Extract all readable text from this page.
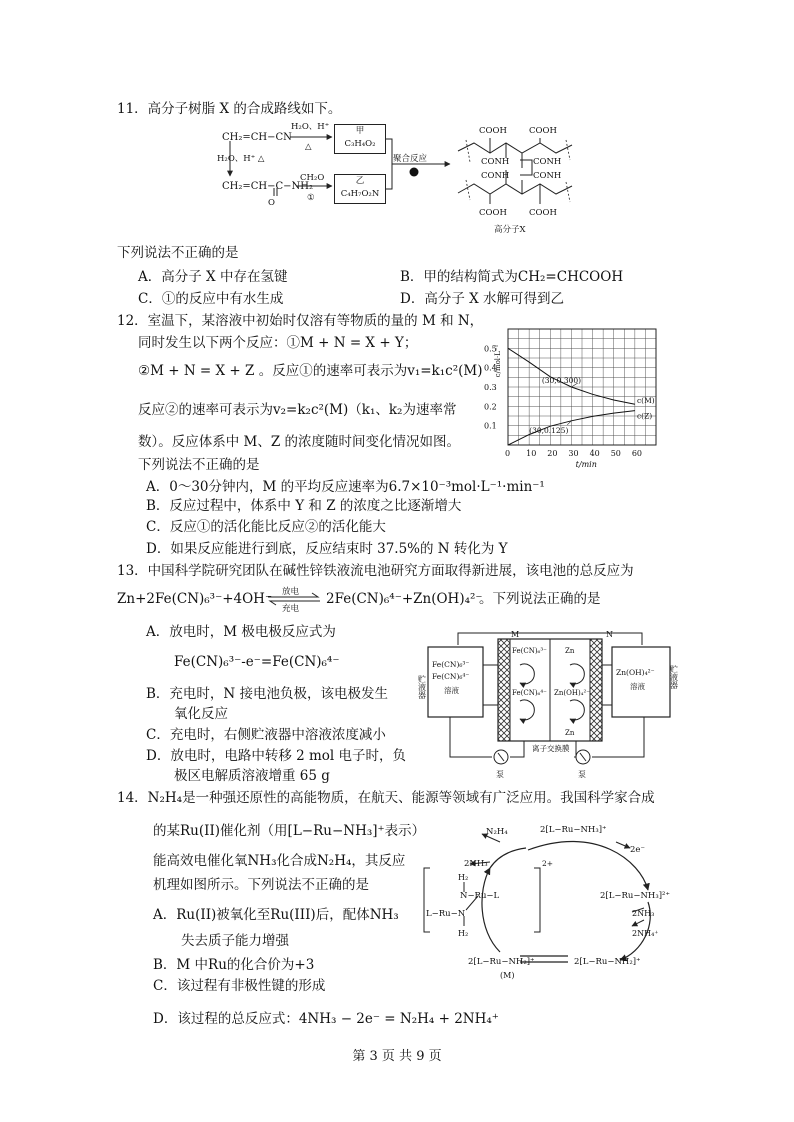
11．高分子树脂 X 的合成路线如下。
CH₂=CH−CN
H₂O、H⁺
△
甲
C₃H₄O₂
H₂O、H⁺ △
CH₂=CH−C−NH₂
O
CH₂O
①
乙
C₄H₇O₂N
聚合反应
COOH	COOH
CONH	CONH
CONH	CONH
COOH	COOH
高分子X
下列说法不正确的是
A．高分子 X 中存在氢键	B．甲的结构简式为CH₂=CHCOOH
C．①的反应中有水生成	D．高分子 X 水解可得到乙
12．室温下，某溶液中初始时仅溶有等物质的量的 M 和 N，
同时发生以下两个反应：①M + N = X + Y；
②M + N = X + Z 。反应①的速率可表示为v₁=k₁c²(M)
反应②的速率可表示为v₂=k₂c²(M)（k₁、k₂为速率常
数）。反应体系中 M、Z 的浓度随时间变化情况如图。
下列说法不正确的是
A．0～30分钟内，M 的平均反应速率为6.7×10⁻³mol·L⁻¹·min⁻¹
B．反应过程中，体系中 Y 和 Z 的浓度之比逐渐增大
C．反应①的活化能比反应②的活化能大
D．如果反应能进行到底，反应结束时 37.5%的 N 转化为 Y
0 10 20 30 40 50 60
0.1
0.2
0.3
0.4
0.5
t/min
c/mol·L⁻¹
c(M)
c(Z)
(30,0.300)
(30,0.125)
13．中国科学院研究团队在碱性锌铁液流电池研究方面取得新进展，该电池的总反应为
Zn+2Fe(CN)₆³⁻+4OH⁻ 放电
充电
2Fe(CN)₆⁴⁻+Zn(OH)₄²⁻
。下列说法正确的是
A．放电时，M 极电极反应式为
Fe(CN)₆³⁻-e⁻=Fe(CN)₆⁴⁻
B．充电时，N 接电池负极，该电极发生
氧化反应
C．充电时，右侧贮液器中溶液浓度减小
D．放电时，电路中转移 2 mol 电子时，负
极区电解质溶液增重 65 g
M	N
贮液器	贮液器
Fe(CN)₆³⁻
Fe(CN)₆⁴⁻
溶液
Zn(OH)₄²⁻
溶液
Fe(CN)₆³⁻
Fe(CN)₆⁴⁻
Zn
Zn(OH)₄²⁻
Zn
离子交换膜
泵	泵
14．N₂H₄是一种强还原性的高能物质，在航天、能源等领域有广泛应用。我国科学家合成
的某Ru(II)催化剂（用[L−Ru−NH₃]⁺表示）
能高效电催化氧NH₃化合成N₂H₄，其反应
机理如图所示。下列说法不正确的是
A．Ru(II)被氧化至Ru(III)后，配体NH₃
失去质子能力增强
B．M 中Ru的化合价为+3
C．该过程有非极性键的形成
D．该过程的总反应式：4NH₃ − 2e⁻ = N₂H₄ + 2NH₄⁺
2[L−Ru−NH₃]⁺
N₂H₄
2NH₃
2e⁻
2[L−Ru−NH₃]²⁺
2NH₃
2NH₄⁺
2[L−Ru−NH₂]⁺
2[L−Ru−NH₂]⁺
(M)
H₂
N−Ru−L
L−Ru−N
H₂
2+
第 3 页 共 9 页
